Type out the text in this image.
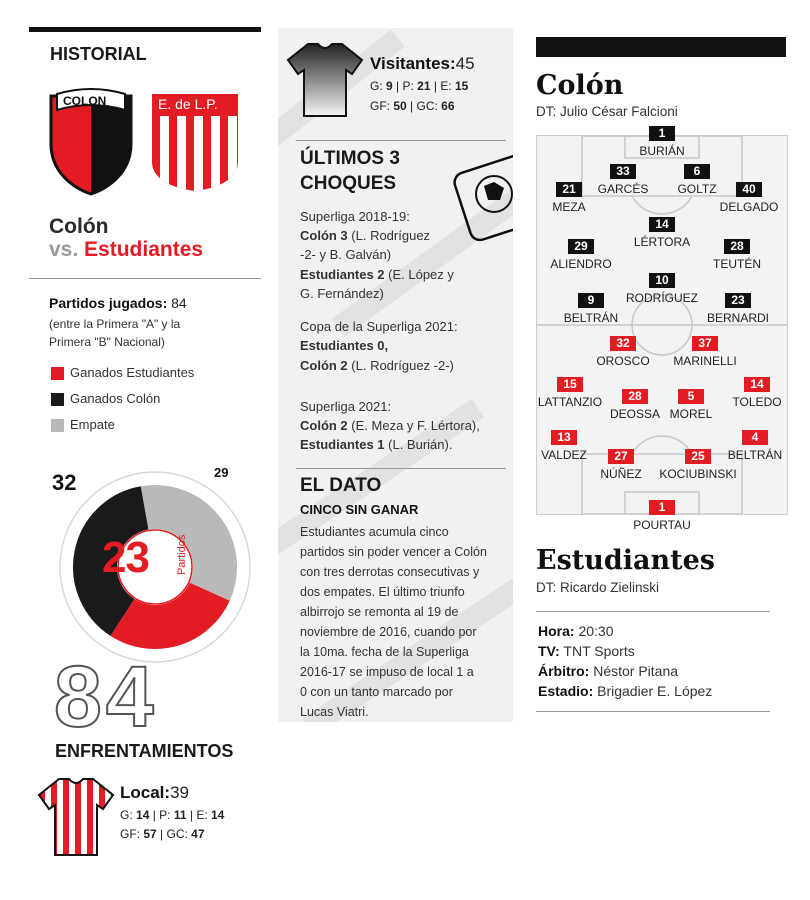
HISTORIAL
COLON	E. de L.P.
Colón
vs. Estudiantes
Partidos jugados: 84
(entre la Primera "A" y la
Primera "B" Nacional)
Ganados Estudiantes
Ganados Colón
Empate
32	29
23 Partidos
84
ENFRENTAMIENTOS
Local:39
G: 14 | P: 11 | E: 14
GF: 57 | GC: 47
Visitantes:45
G: 9 | P: 21 | E: 15
GF: 50 | GC: 66
ÚLTIMOS 3
CHOQUES
Superliga 2018-19:
Colón 3 (L. Rodríguez
-2- y B. Galván)
Estudiantes 2 (E. López y
G. Fernández)
Copa de la Superliga 2021:
Estudiantes 0,
Colón 2 (L. Rodríguez -2-)
Superliga 2021:
Colón 2 (E. Meza y F. Lértora),
Estudiantes 1 (L. Burián).
EL DATO
CINCO SIN GANAR
Estudiantes acumula cinco
partidos sin poder vencer a Colón
con tres derrotas consecutivas y
dos empates. El último triunfo
albirrojo se remonta al 19 de
noviembre de 2016, cuando por
la 10ma. fecha de la Superliga
2016-17 se impuso de local 1 a
0 con un tanto marcado por
Lucas Viatri.
Colón
DT: Julio César Falcioni
1
BURIÁN
33
GARCÉS
6
GOLTZ
21
MEZA
40
DELGADO
14
LÉRTORA
29
ALIENDRO
28
TEUTÉN
10
RODRÍGUEZ
9
BELTRÁN
23
BERNARDI
32
OROSCO
37
MARINELLI
15
LATTANZIO	28
DEOSSA
5
MOREL
14
TOLEDO
13
VALDEZ	27
NÚÑEZ
25
KOCIUBINSKI
4
BELTRÁN
1
POURTAU
Estudiantes
DT: Ricardo Zielinski
Hora: 20:30
TV: TNT Sports
Árbitro: Néstor Pitana
Estadio: Brigadier E. López
